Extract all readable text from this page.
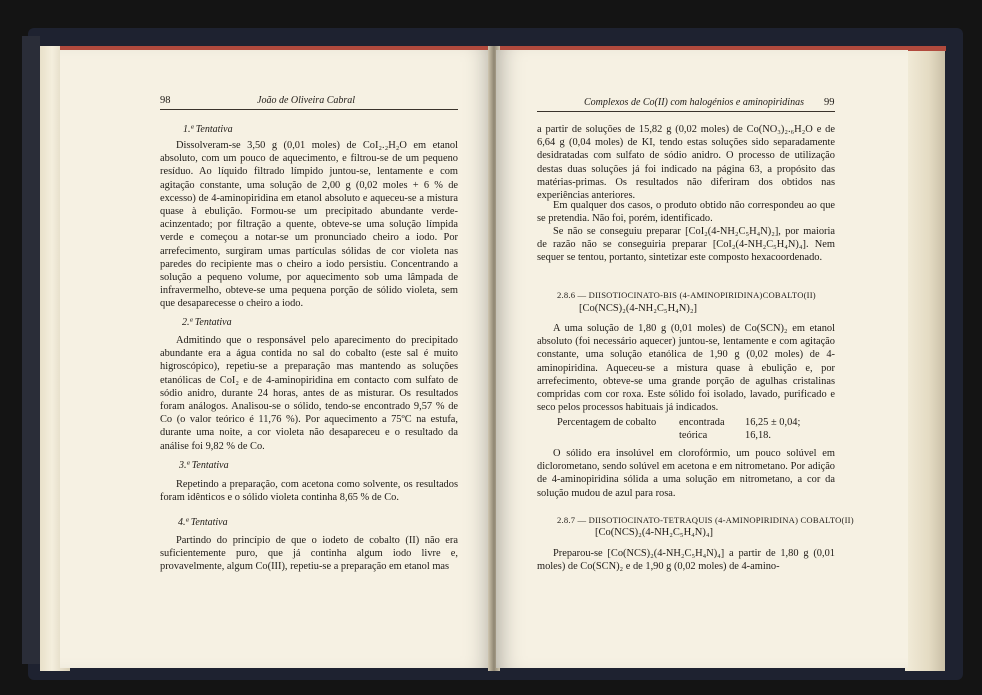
98	João de Oliveira Cabral
1.ª Tentativa

Dissolveram-se 3,50 g (0,01 moles) de CoI₂.₂H₂O em etanol absoluto, com um pouco de aquecimento, e filtrou-se de um pequeno resíduo. Ao líquido filtrado límpido juntou-se, lentamente e com agitação constante, uma solução de 2,00 g (0,02 moles + 6 % de excesso) de 4-aminopiridina em etanol absoluto e aqueceu-se a mistura quase à ebulição. Formou-se um precipitado abundante verde-acinzentado; por filtração a quente, obteve-se uma solução límpida verde e começou a notar-se um pronunciado cheiro a iodo. Por arrefecimento, surgiram umas partículas sólidas de cor violeta nas paredes do recipiente mas o cheiro a iodo persistiu. Concentrando a solução a pequeno volume, por aquecimento sob uma lâmpada de infravermelho, obteve-se uma pequena porção de sólido violeta, sem que desaparecesse o cheiro a iodo.

2.ª Tentativa

Admitindo que o responsável pelo aparecimento do precipitado abundante era a água contida no sal do cobalto (este sal é muito higroscópico), repetiu-se a preparação mas mantendo as soluções etanólicas de CoI₂ e de 4-aminopiridina em contacto com sulfato de sódio anidro, durante 24 horas, antes de as misturar. Os resultados foram análogos. Analisou-se o sólido, tendo-se encontrado 9,57 % de Co (o valor teórico é 11,76 %). Por aquecimento a 75ºC na estufa, durante uma noite, a cor violeta não desapareceu e o resultado da análise foi 9,82 % de Co.

3.ª Tentativa

Repetindo a preparação, com acetona como solvente, os resultados foram idênticos e o sólido violeta continha 8,65 % de Co.

4.ª Tentativa

Partindo do princípio de que o iodeto de cobalto (II) não era suficientemente puro, que já continha algum iodo livre e, provavelmente, algum Co(III), repetiu-se a preparação em etanol mas

Complexos de Co(II) com halogénios e aminopiridinas 99

a partir de soluções de 15,82 g (0,02 moles) de Co(NO₃)₂.₆H₂O e de 6,64 g (0,04 moles) de KI, tendo estas soluções sido separadamente desidratadas com sulfato de sódio anidro. O processo de utilização destas duas soluções já foi indicado na página 63, a propósito das matérias-primas. Os resultados não diferiram dos obtidos nas experiências anteriores.

Em qualquer dos casos, o produto obtido não correspondeu ao que se pretendia. Não foi, porém, identificado.

Se não se conseguiu preparar [CoI₂(4-NH₂C₅H₄N)₂], por maioria de razão não se conseguiria preparar [CoI₂(4-NH₂C₅H₄N)₄]. Nem sequer se tentou, portanto, sintetizar este composto hexacoordenado.

2.8.6 — DIISOTIOCINATO-BIS (4-AMINOPIRIDINA)COBALTO(II)
[Co(NCS)₂(4-NH₂C₅H₄N)₂]

A uma solução de 1,80 g (0,01 moles) de Co(SCN)₂ em etanol absoluto (foi necessário aquecer) juntou-se, lentamente e com agitação constante, uma solução etanólica de 1,90 g (0,02 moles) de 4-aminopiridina. Aqueceu-se a mistura quase à ebulição e, por arrefecimento, obteve-se uma grande porção de agulhas cristalinas compridas com cor roxa. Este sólido foi isolado, lavado, purificado e seco pelos processos habituais já indicados.

Percentagem de cobalto encontrada 16,25 ± 0,04;
teórica	16,18.

O sólido era insolúvel em clorofórmio, um pouco solúvel em diclorometano, sendo solúvel em acetona e em nitrometano. Por adição de 4-aminopiridina sólida a uma solução em nitrometano, a cor da solução mudou de azul para rosa.

2.8.7 — DIISOTIOCINATO-TETRAQUIS (4-AMINOPIRIDINA) COBALTO(II)
[Co(NCS)₂(4-NH₂C₅H₄N)₄]

Preparou-se [Co(NCS)₂(4-NH₂C₅H₄N)₄] a partir de 1,80 g (0,01 moles) de Co(SCN)₂ e de 1,90 g (0,02 moles) de 4-amino-
